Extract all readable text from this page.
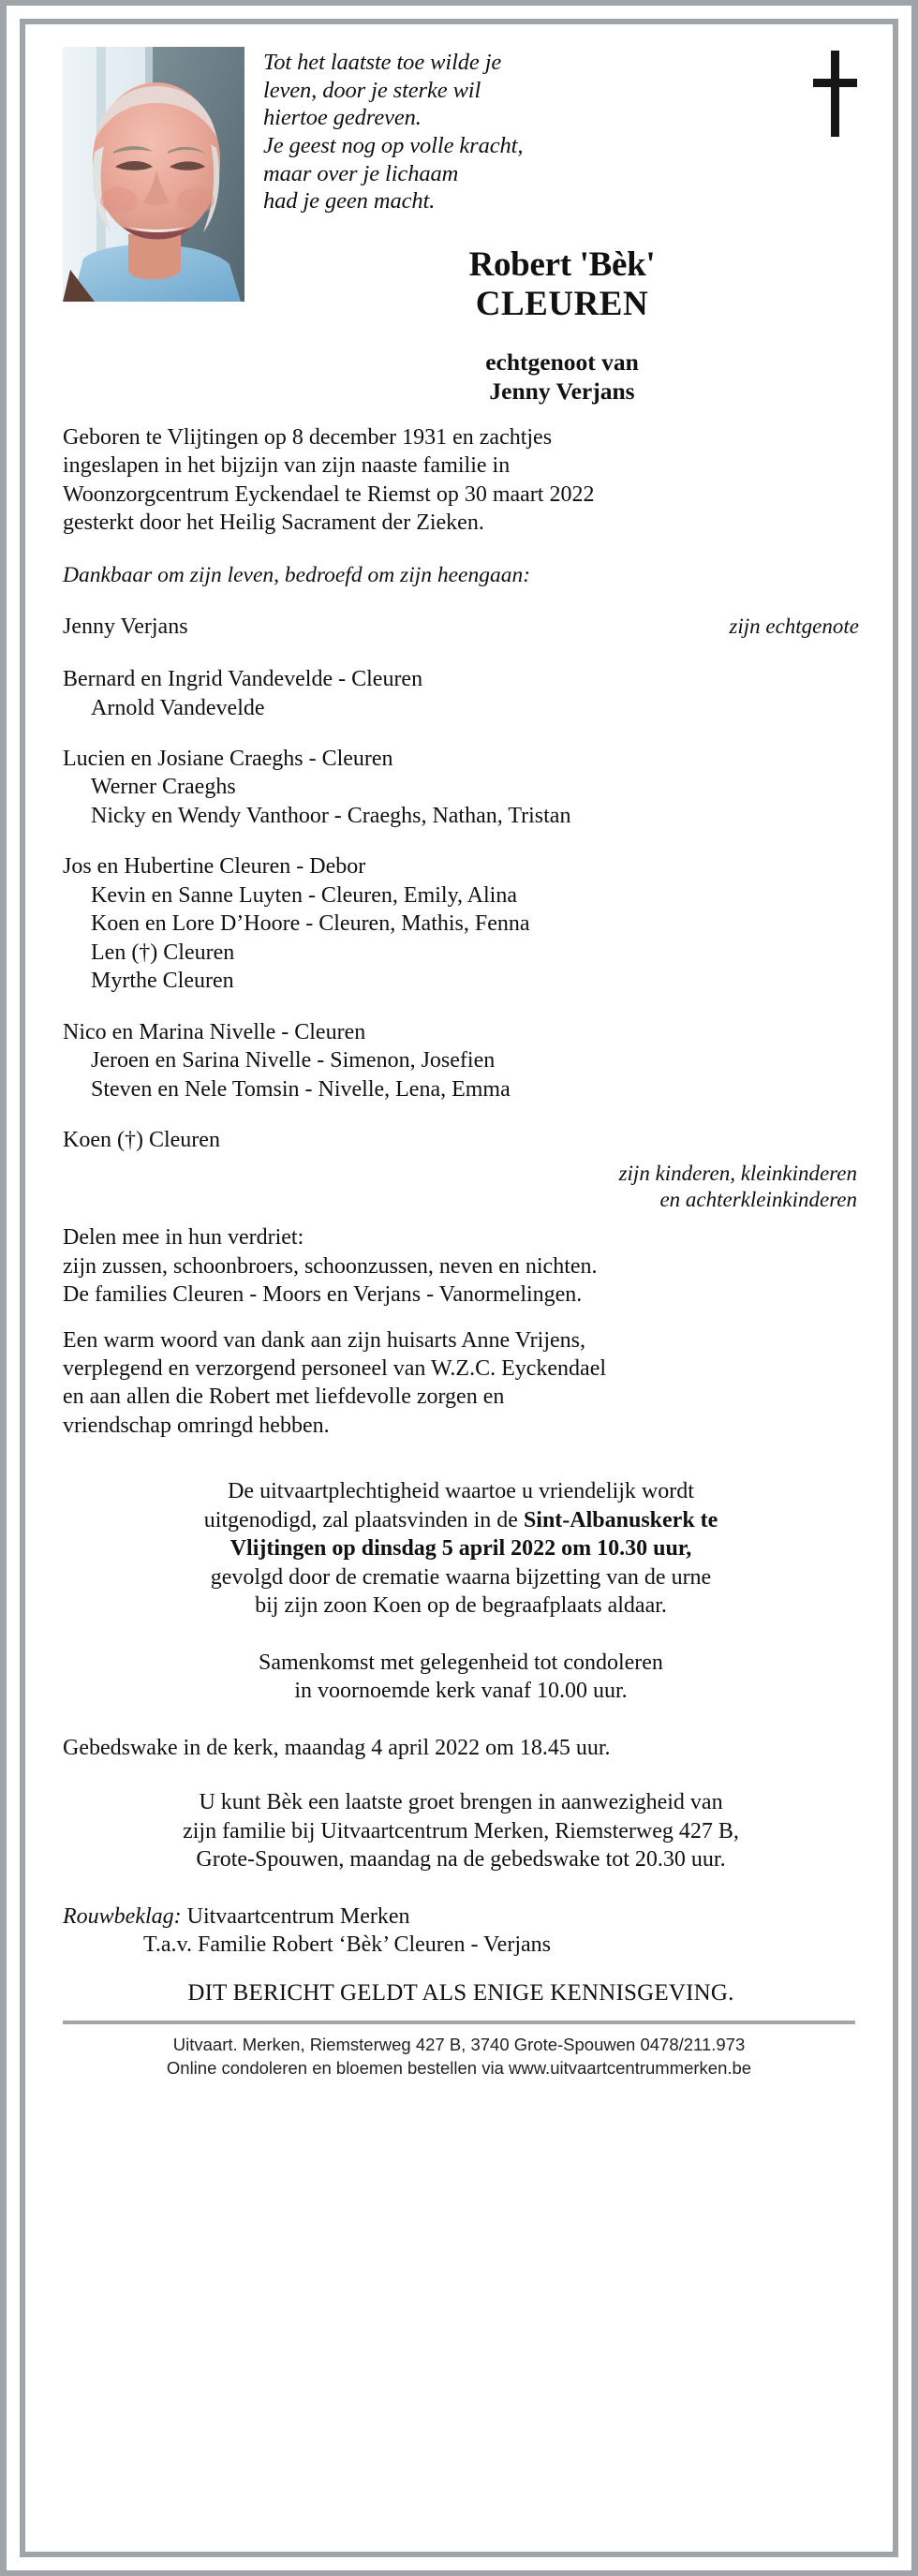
Tot het laatste toe wilde je
leven, door je sterke wil
hiertoe gedreven.
Je geest nog op volle kracht,
maar over je lichaam
had je geen macht.
Robert 'Bèk'
CLEUREN
echtgenoot van
Jenny Verjans
Geboren te Vlijtingen op 8 december 1931 en zachtjes
ingeslapen in het bijzijn van zijn naaste familie in
Woonzorgcentrum Eyckendael te Riemst op 30 maart 2022
gesterkt door het Heilig Sacrament der Zieken.
Dankbaar om zijn leven, bedroefd om zijn heengaan:
Jenny Verjans	zijn echtgenote
Bernard en Ingrid Vandevelde - Cleuren
Arnold Vandevelde
Lucien en Josiane Craeghs - Cleuren
Werner Craeghs
Nicky en Wendy Vanthoor - Craeghs, Nathan, Tristan
Jos en Hubertine Cleuren - Debor
Kevin en Sanne Luyten - Cleuren, Emily, Alina
Koen en Lore D’Hoore - Cleuren, Mathis, Fenna
Len (†) Cleuren
Myrthe Cleuren
Nico en Marina Nivelle - Cleuren
Jeroen en Sarina Nivelle - Simenon, Josefien
Steven en Nele Tomsin - Nivelle, Lena, Emma
Koen (†) Cleuren
zijn kinderen, kleinkinderen
en achterkleinkinderen
Delen mee in hun verdriet:
zijn zussen, schoonbroers, schoonzussen, neven en nichten.
De families Cleuren - Moors en Verjans - Vanormelingen.
Een warm woord van dank aan zijn huisarts Anne Vrijens,
verplegend en verzorgend personeel van W.Z.C. Eyckendael
en aan allen die Robert met liefdevolle zorgen en
vriendschap omringd hebben.
De uitvaartplechtigheid waartoe u vriendelijk wordt
uitgenodigd, zal plaatsvinden in de Sint-Albanuskerk te
Vlijtingen op dinsdag 5 april 2022 om 10.30 uur,
gevolgd door de crematie waarna bijzetting van de urne
bij zijn zoon Koen op de begraafplaats aldaar.
Samenkomst met gelegenheid tot condoleren
in voornoemde kerk vanaf 10.00 uur.
Gebedswake in de kerk, maandag 4 april 2022 om 18.45 uur.
U kunt Bèk een laatste groet brengen in aanwezigheid van
zijn familie bij Uitvaartcentrum Merken, Riemsterweg 427 B,
Grote-Spouwen, maandag na de gebedswake tot 20.30 uur.
Rouwbeklag: Uitvaartcentrum Merken
T.a.v. Familie Robert ‘Bèk’ Cleuren - Verjans
DIT BERICHT GELDT ALS ENIGE KENNISGEVING.
Uitvaart. Merken, Riemsterweg 427 B, 3740 Grote-Spouwen 0478/211.973
Online condoleren en bloemen bestellen via www.uitvaartcentrummerken.be
